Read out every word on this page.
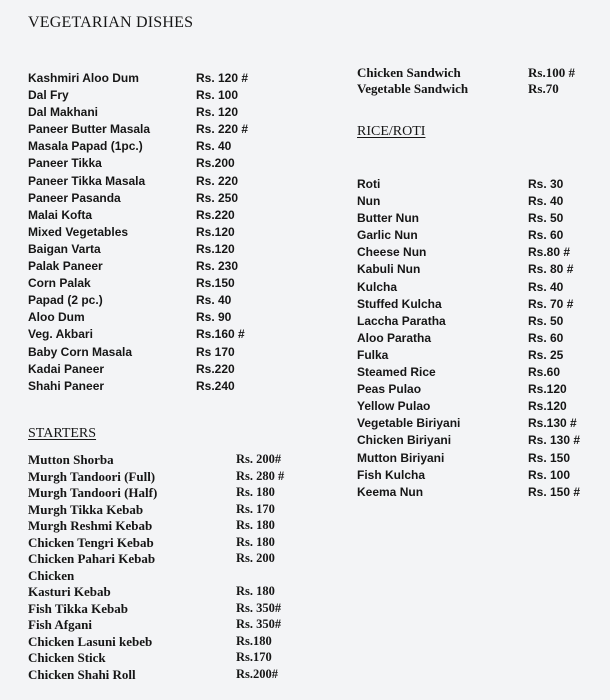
VEGETARIAN DISHES
Kashmiri Aloo Dum	Rs. 120 #
Dal Fry	Rs. 100
Dal Makhani	Rs. 120
Paneer Butter Masala	Rs. 220 #
Masala Papad (1pc.)	Rs. 40
Paneer Tikka	Rs.200
Paneer Tikka Masala	Rs. 220
Paneer Pasanda	Rs. 250
Malai Kofta	Rs.220
Mixed Vegetables	Rs.120
Baigan Varta	Rs.120
Palak Paneer	Rs. 230
Corn Palak	Rs.150
Papad (2 pc.)	Rs. 40
Aloo Dum	Rs. 90
Veg. Akbari	Rs.160 #
Baby Corn Masala	Rs 170
Kadai Paneer	Rs.220
Shahi Paneer	Rs.240
STARTERS
Mutton Shorba	Rs. 200#
Murgh Tandoori (Full)	Rs. 280 #
Murgh Tandoori (Half)	Rs. 180
Murgh Tikka Kebab	Rs. 170
Murgh Reshmi Kebab	Rs. 180
Chicken Tengri Kebab	Rs. 180
Chicken Pahari Kebab	Rs. 200
Chicken
Kasturi Kebab	Rs. 180
Fish Tikka Kebab	Rs. 350#
Fish Afgani	Rs. 350#
Chicken Lasuni kebeb	Rs.180
Chicken Stick	Rs.170
Chicken Shahi Roll	Rs.200#
Chicken Sandwich	Rs.100 #
Vegetable Sandwich	Rs.70
RICE/ROTI
Roti	Rs. 30
Nun	Rs. 40
Butter Nun	Rs. 50
Garlic Nun	Rs. 60
Cheese Nun	Rs.80 #
Kabuli Nun	Rs. 80 #
Kulcha	Rs. 40
Stuffed Kulcha	Rs. 70 #
Laccha Paratha	Rs. 50
Aloo Paratha	Rs. 60
Fulka	Rs. 25
Steamed Rice	Rs.60
Peas Pulao	Rs.120
Yellow Pulao	Rs.120
Vegetable Biriyani	Rs.130 #
Chicken Biriyani	Rs. 130 #
Mutton Biriyani	Rs. 150
Fish Kulcha	Rs. 100
Keema Nun	Rs. 150 #
